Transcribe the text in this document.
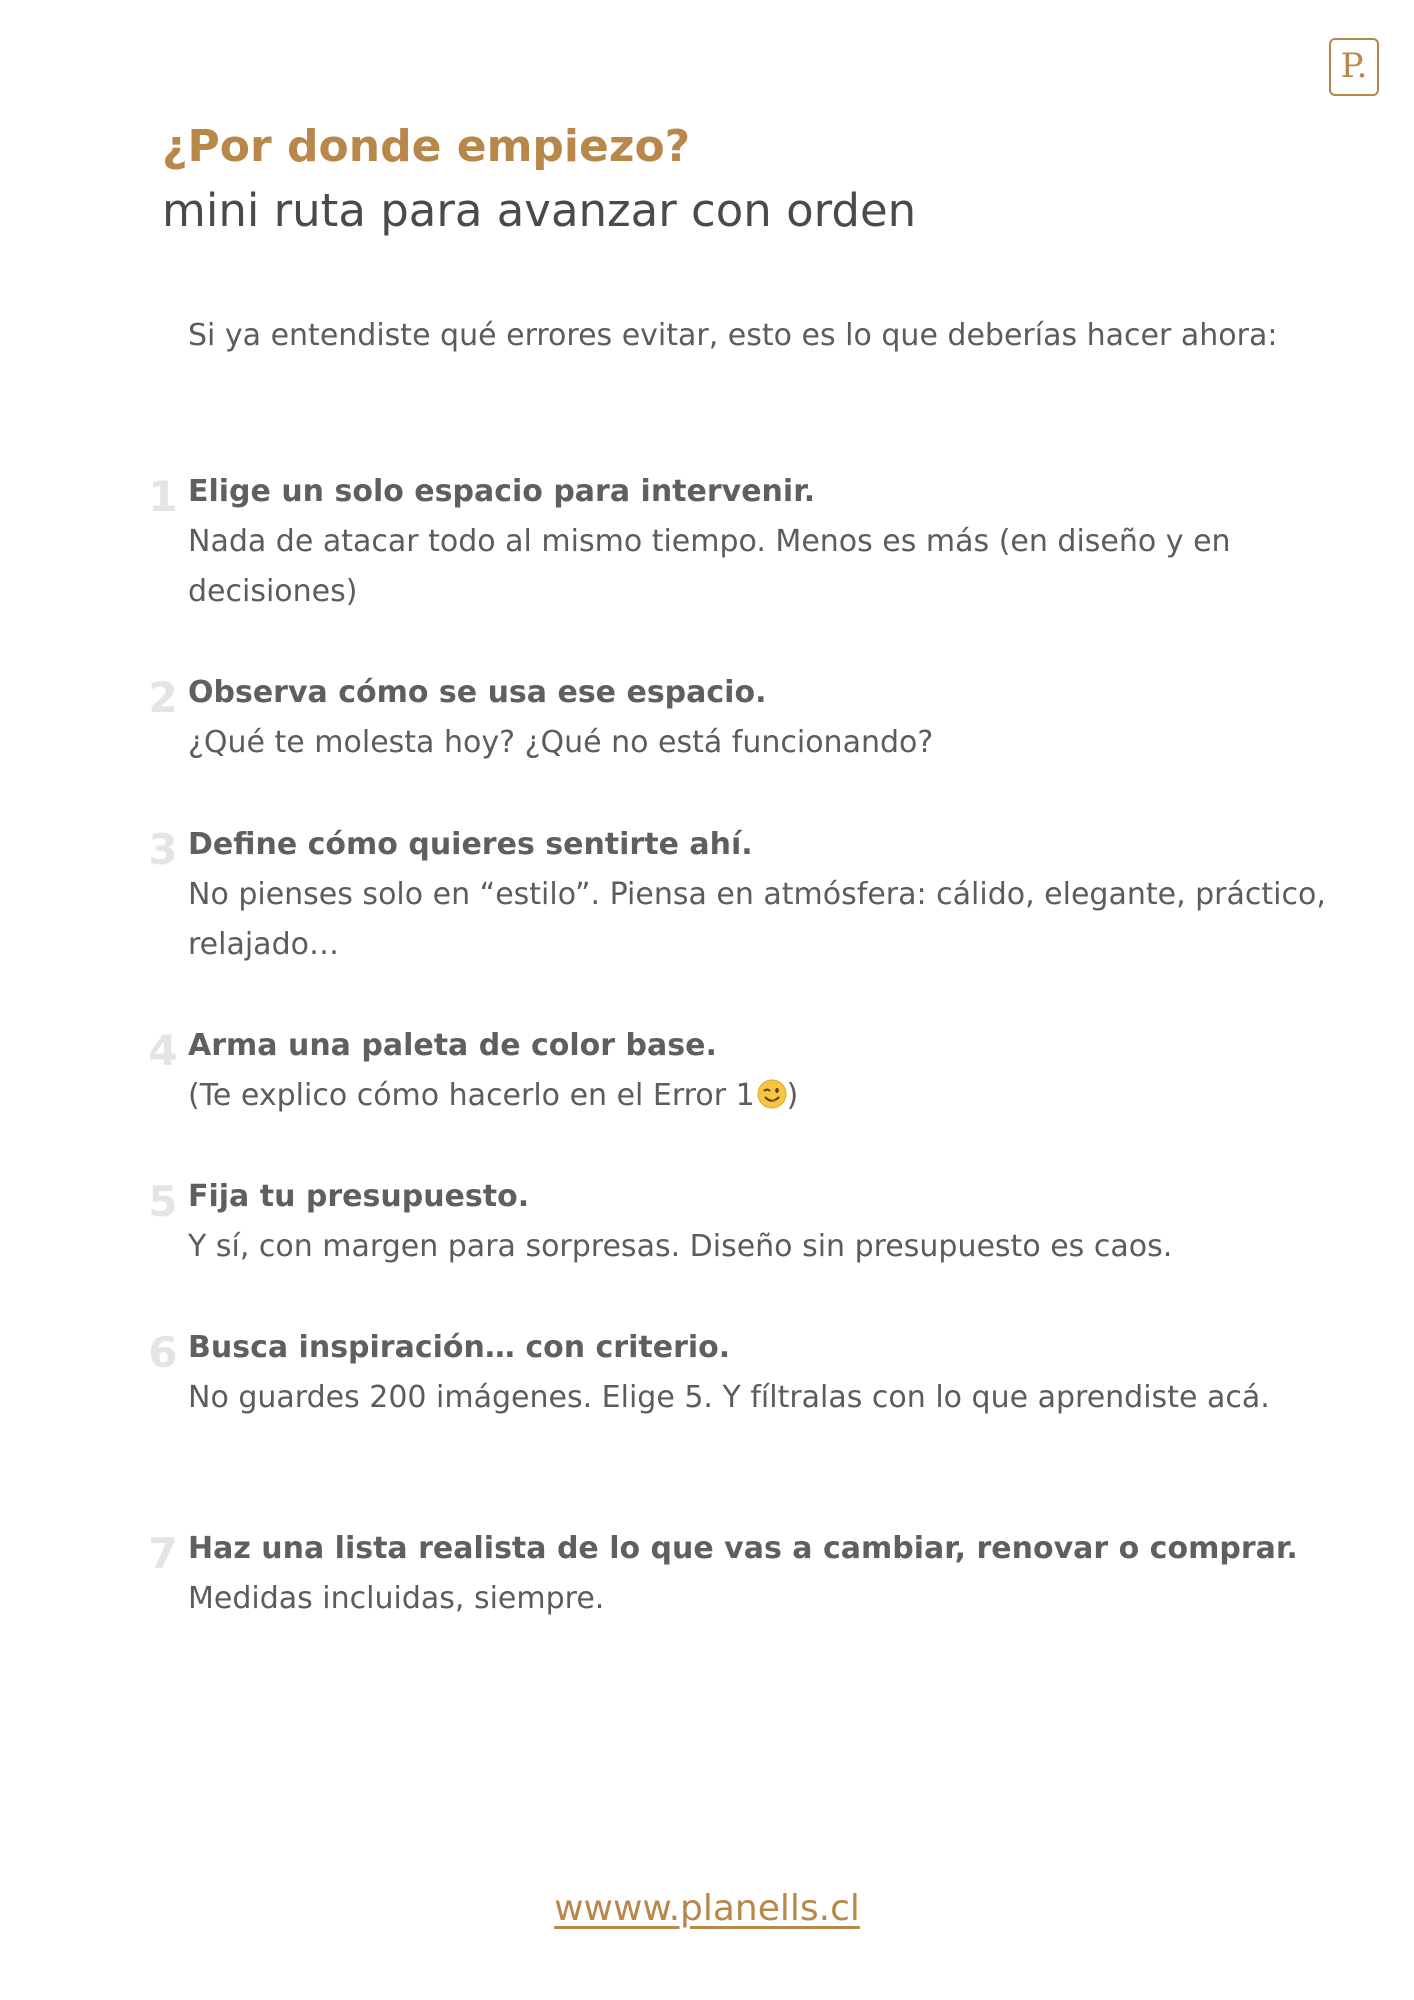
P.
¿Por donde empiezo?
mini ruta para avanzar con orden

Si ya entendiste qué errores evitar, esto es lo que deberías hacer ahora:

1 Elige un solo espacio para intervenir.

Nada de atacar todo al mismo tiempo. Menos es más (en diseño y en decisiones)

2 Observa cómo se usa ese espacio.

¿Qué te molesta hoy? ¿Qué no está funcionando?

3 Define cómo quieres sentirte ahí.

No pienses solo en “estilo”. Piensa en atmósfera: cálido, elegante, práctico, relajado…

4 Arma una paleta de color base.

(Te explico cómo hacerlo en el Error 1 )

5 Fija tu presupuesto.

Y sí, con margen para sorpresas. Diseño sin presupuesto es caos.

6 Busca inspiración… con criterio.

No guardes 200 imágenes. Elige 5. Y fíltralas con lo que aprendiste acá.

7 Haz una lista realista de lo que vas a cambiar, renovar o comprar.

Medidas incluidas, siempre.

wwww.planells.cl
